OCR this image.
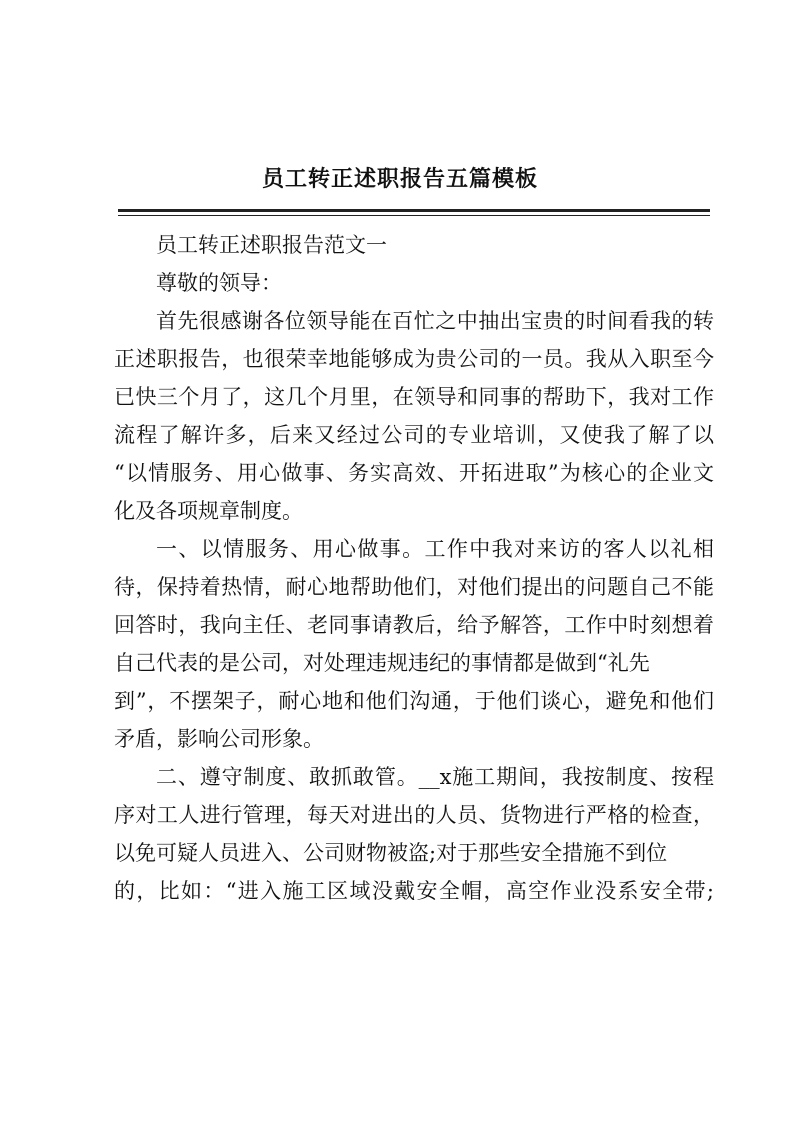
员工转正述职报告五篇模板
员工转正述职报告范文一
尊敬的领导：
首先很感谢各位领导能在百忙之中抽出宝贵的时间看我的转
正述职报告，也很荣幸地能够成为贵公司的一员。我从入职至今
已快三个月了，这几个月里，在领导和同事的帮助下，我对工作
流程了解许多，后来又经过公司的专业培训，又使我了解了以
“以情服务、用心做事、务实高效、开拓进取”为核心的企业文
化及各项规章制度。
一、以情服务、用心做事。工作中我对来访的客人以礼相
待，保持着热情，耐心地帮助他们，对他们提出的问题自己不能
回答时，我向主任、老同事请教后，给予解答，工作中时刻想着
自己代表的是公司，对处理违规违纪的事情都是做到“礼先
到”，不摆架子，耐心地和他们沟通，于他们谈心，避免和他们
矛盾，影响公司形象。
二、遵守制度、敢抓敢管。__x施工期间，我按制度、按程
序对工人进行管理，每天对进出的人员、货物进行严格的检查，
以免可疑人员进入、公司财物被盗;对于那些安全措施不到位
的，比如：“进入施工区域没戴安全帽，高空作业没系安全带;
